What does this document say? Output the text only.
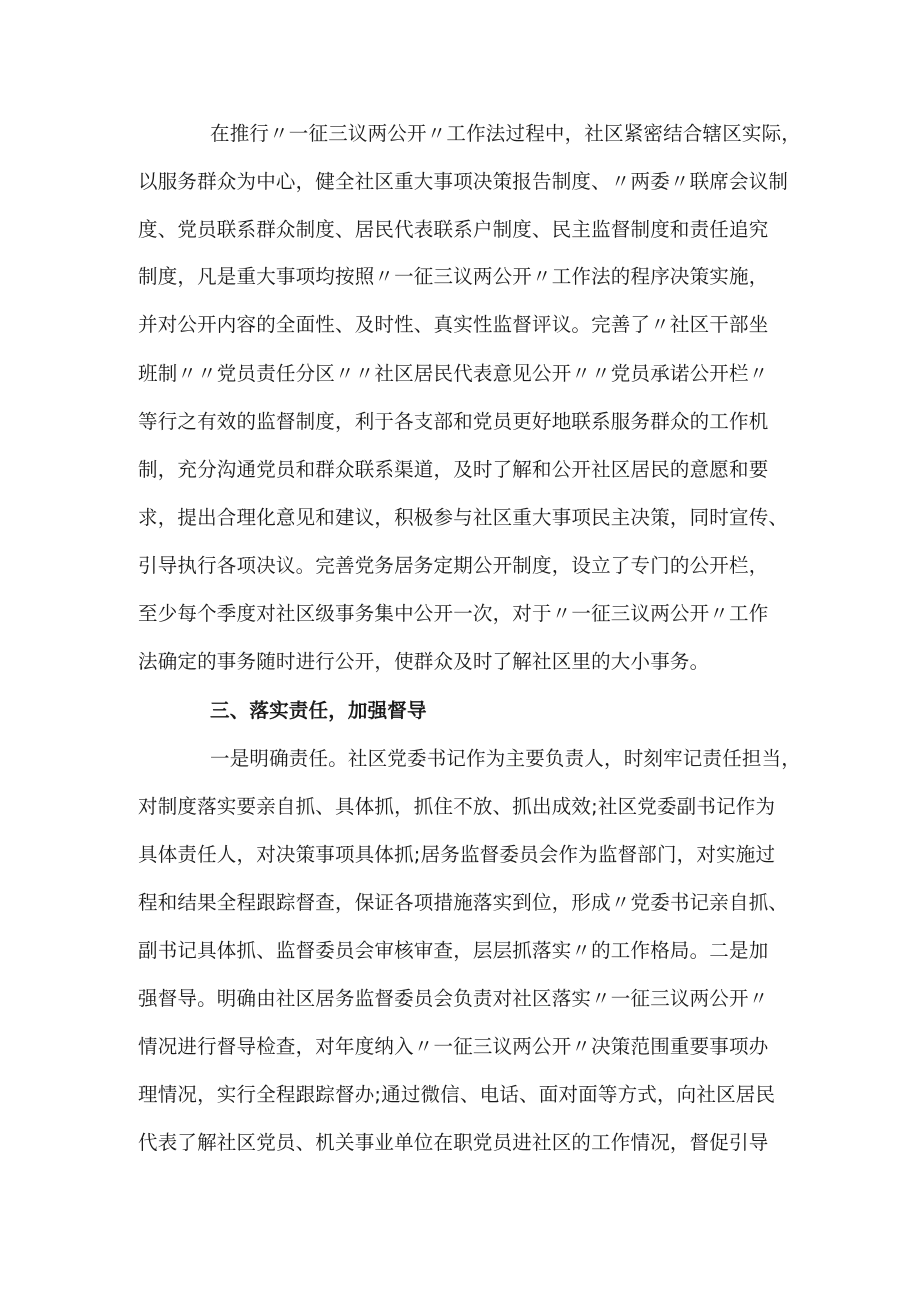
在推行〃一征三议两公开〃工作法过程中，社区紧密结合辖区实际，
以服务群众为中心，健全社区重大事项决策报告制度、〃两委〃联席会议制
度、党员联系群众制度、居民代表联系户制度、民主监督制度和责任追究
制度，凡是重大事项均按照〃一征三议两公开〃工作法的程序决策实施，
并对公开内容的全面性、及时性、真实性监督评议。完善了〃社区干部坐
班制〃〃党员责任分区〃〃社区居民代表意见公开〃〃党员承诺公开栏〃
等行之有效的监督制度，利于各支部和党员更好地联系服务群众的工作机
制，充分沟通党员和群众联系渠道，及时了解和公开社区居民的意愿和要
求，提出合理化意见和建议，积极参与社区重大事项民主决策，同时宣传、
引导执行各项决议。完善党务居务定期公开制度，设立了专门的公开栏，
至少每个季度对社区级事务集中公开一次，对于〃一征三议两公开〃工作
法确定的事务随时进行公开，使群众及时了解社区里的大小事务。
三、落实责任，加强督导
一是明确责任。社区党委书记作为主要负责人，时刻牢记责任担当，
对制度落实要亲自抓、具体抓，抓住不放、抓出成效;社区党委副书记作为
具体责任人，对决策事项具体抓;居务监督委员会作为监督部门，对实施过
程和结果全程跟踪督查，保证各项措施落实到位，形成〃党委书记亲自抓、
副书记具体抓、监督委员会审核审查，层层抓落实〃的工作格局。二是加
强督导。明确由社区居务监督委员会负责对社区落实〃一征三议两公开〃
情况进行督导检查，对年度纳入〃一征三议两公开〃决策范围重要事项办
理情况，实行全程跟踪督办;通过微信、电话、面对面等方式，向社区居民
代表了解社区党员、机关事业单位在职党员进社区的工作情况，督促引导
